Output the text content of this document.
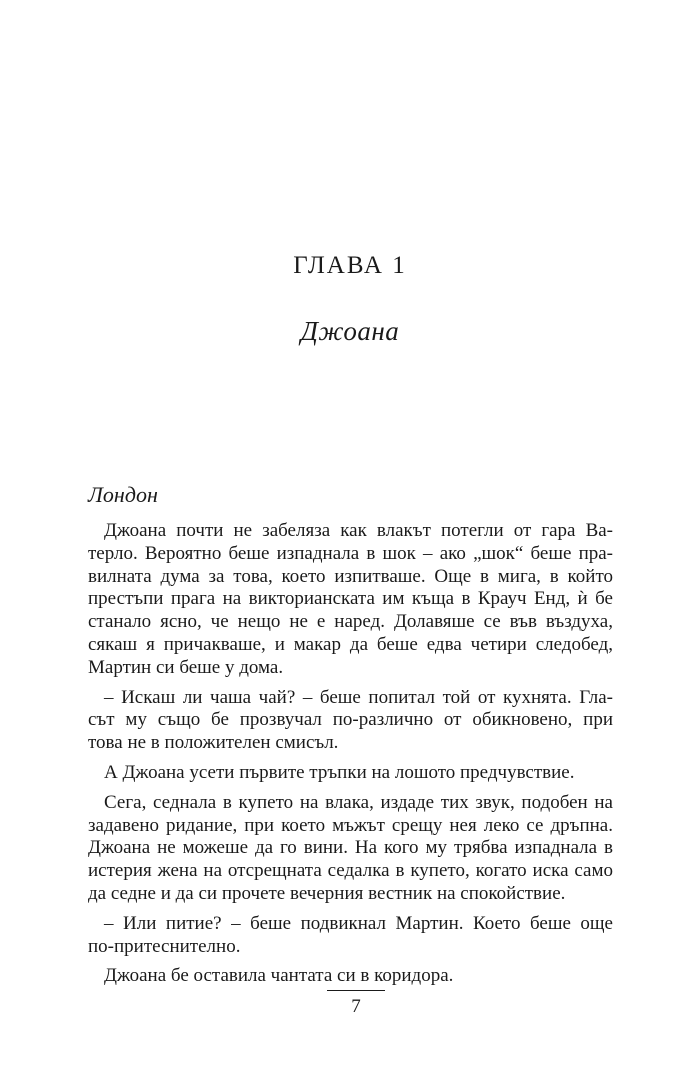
ГЛАВА 1
Джоана
Лондон
Джоана почти не забеляза как влакът потегли от гара Ва-
терло. Вероятно беше изпаднала в шок – ако „шок“ беше пра-
вилната дума за това, което изпитваше. Още в мига, в който
престъпи прага на викторианската им къща в Крауч Енд, ѝ бе
станало ясно, че нещо не е наред. Долавяше се във въздуха,
сякаш я причакваше, и макар да беше едва четири следобед,
Мартин си беше у дома.
– Искаш ли чаша чай? – беше попитал той от кухнята. Гла-
сът му също бе прозвучал по-различно от обикновено, при
това не в положителен смисъл.
А Джоана усети първите тръпки на лошото предчувствие.
Сега, седнала в купето на влака, издаде тих звук, подобен на
задавено ридание, при което мъжът срещу нея леко се дръпна.
Джоана не можеше да го вини. На кого му трябва изпаднала в
истерия жена на отсрещната седалка в купето, когато иска само
да седне и да си прочете вечерния вестник на спокойствие.
– Или питие? – беше подвикнал Мартин. Което беше още
по-притеснително.
Джоана бе оставила чантата си в коридора.
7
